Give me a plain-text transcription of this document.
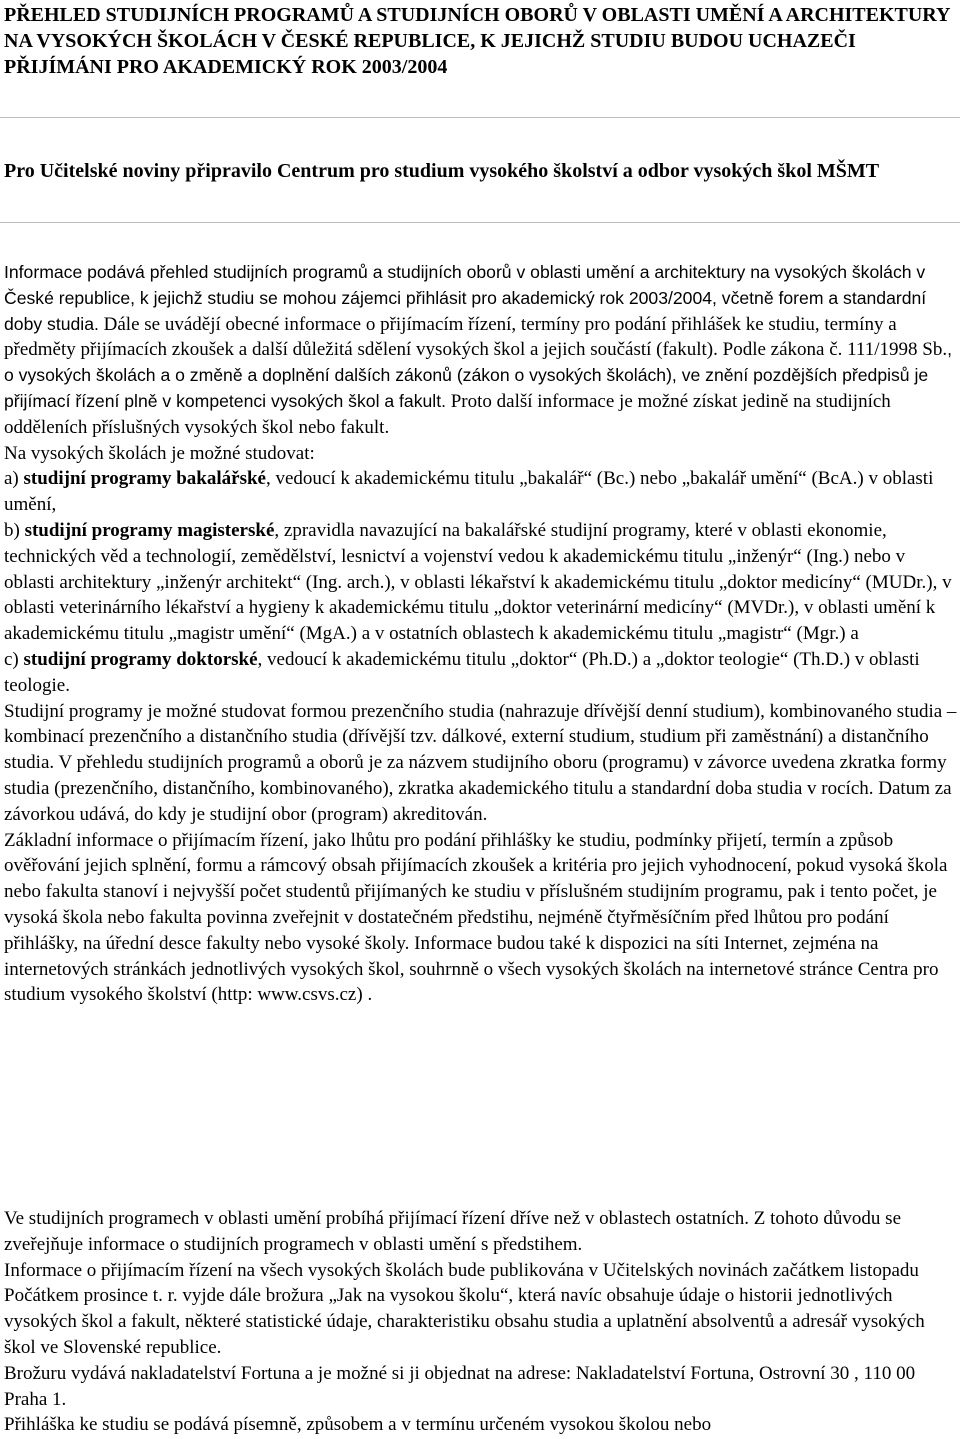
PŘEHLED STUDIJNÍCH PROGRAMŮ A STUDIJNÍCH OBORŮ V OBLASTI UMĚNÍ A ARCHITEKTURY NA VYSOKÝCH ŠKOLÁCH V ČESKÉ REPUBLICE, K JEJICHŽ STUDIU BUDOU UCHAZEČI PŘIJÍMÁNI PRO AKADEMICKÝ ROK 2003/2004
Pro Učitelské noviny připravilo Centrum pro studium vysokého školství a odbor vysokých škol MŠMT

Informace podává přehled studijních programů a studijních oborů v oblasti umění a architektury na vysokých školách v České republice, k jejichž studiu se mohou zájemci přihlásit pro akademický rok 2003/2004, včetně forem a standardní doby studia. Dále se uvádějí obecné informace o přijímacím řízení, termíny pro podání přihlášek ke studiu, termíny a předměty přijímacích zkoušek a další důležitá sdělení vysokých škol a jejich součástí (fakult). Podle zákona č. 111/1998 Sb., o vysokých školách a o změně a doplnění dalších zákonů (zákon o vysokých školách), ve znění pozdějších předpisů je přijímací řízení plně v kompetenci vysokých škol a fakult. Proto další informace je možné získat jedině na studijních odděleních příslušných vysokých škol nebo fakult.

Na vysokých školách je možné studovat:

a) studijní programy bakalářské, vedoucí k akademickému titulu „bakalář“ (Bc.) nebo „bakalář umění“ (BcA.) v oblasti umění,

b) studijní programy magisterské, zpravidla navazující na bakalářské studijní programy, které v oblasti ekonomie, technických věd a technologií, zemědělství, lesnictví a vojenství vedou k akademickému titulu „inženýr“ (Ing.) nebo v oblasti architektury „inženýr architekt“ (Ing. arch.), v oblasti lékařství k akademickému titulu „doktor medicíny“ (MUDr.), v oblasti veterinárního lékařství a hygieny k akademickému titulu „doktor veterinární medicíny“ (MVDr.), v oblasti umění k akademickému titulu „magistr umění“ (MgA.) a v ostatních oblastech k akademickému titulu „magistr“ (Mgr.) a

c) studijní programy doktorské, vedoucí k akademickému titulu „doktor“ (Ph.D.) a „doktor teologie“ (Th.D.) v oblasti teologie.

Studijní programy je možné studovat formou prezenčního studia (nahrazuje dřívější denní studium), kombinovaného studia – kombinací prezenčního a distančního studia (dřívější tzv. dálkové, externí studium, studium při zaměstnání) a distančního studia. V přehledu studijních programů a oborů je za názvem studijního oboru (programu) v závorce uvedena zkratka formy studia (prezenčního, distančního, kombinovaného), zkratka akademického titulu a standardní doba studia v rocích. Datum za závorkou udává, do kdy je studijní obor (program) akreditován.

Základní informace o přijímacím řízení, jako lhůtu pro podání přihlášky ke studiu, podmínky přijetí, termín a způsob ověřování jejich splnění, formu a rámcový obsah přijímacích zkoušek a kritéria pro jejich vyhodnocení, pokud vysoká škola nebo fakulta stanoví i nejvyšší počet studentů přijímaných ke studiu v příslušném studijním programu, pak i tento počet, je vysoká škola nebo fakulta povinna zveřejnit v dostatečném předstihu, nejméně čtyřměsíčním před lhůtou pro podání přihlášky, na úřední desce fakulty nebo vysoké školy. Informace budou také k dispozici na síti Internet, zejména na internetových stránkách jednotlivých vysokých škol, souhrnně o všech vysokých školách na internetové stránce Centra pro studium vysokého školství (http: www.csvs.cz) .

Ve studijních programech v oblasti umění probíhá přijímací řízení dříve než v oblastech ostatních. Z tohoto důvodu se zveřejňuje informace o studijních programech v oblasti umění s předstihem.

Informace o přijímacím řízení na všech vysokých školách bude publikována v Učitelských novinách začátkem listopadu Počátkem prosince t. r. vyjde dále brožura „Jak na vysokou školu“, která navíc obsahuje údaje o historii jednotlivých vysokých škol a fakult, některé statistické údaje, charakteristiku obsahu studia a uplatnění absolventů a adresář vysokých škol ve Slovenské republice.

Brožuru vydává nakladatelství Fortuna a je možné si ji objednat na adrese: Nakladatelství Fortuna, Ostrovní 30 , 110 00 Praha 1.

Přihláška ke studiu se podává písemně, způsobem a v termínu určeném vysokou školou nebo
